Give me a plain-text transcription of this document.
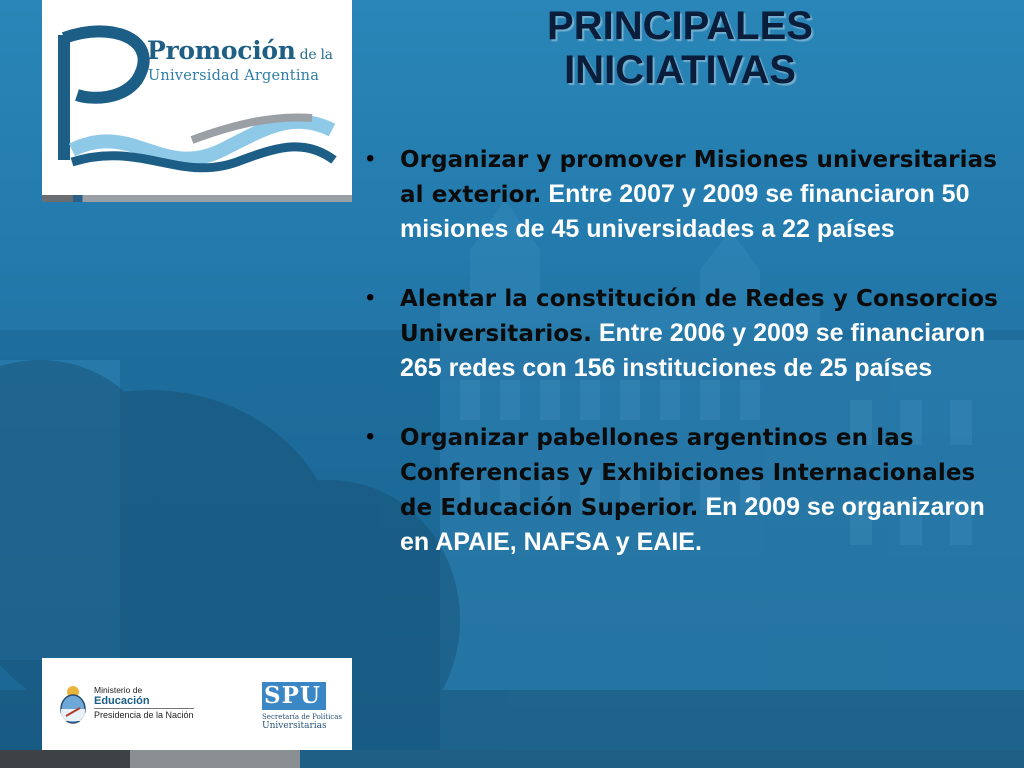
Promoción de la
Universidad Argentina
Ministerio de
Educación
Presidencia de la Nación
SPU
Secretaría de Políticas
Universitarias
PRINCIPALES
INICIATIVAS
• Organizar y promover Misiones universitarias al exterior. Entre 2007 y 2009 se financiaron 50 misiones de 45 universidades a 22 países
• Alentar la constitución de Redes y Consorcios Universitarios. Entre 2006 y 2009 se financiaron 265 redes con 156 instituciones de 25 países
• Organizar pabellones argentinos en las Conferencias y Exhibiciones Internacionales de Educación Superior. En 2009 se organizaron en APAIE, NAFSA y EAIE.
